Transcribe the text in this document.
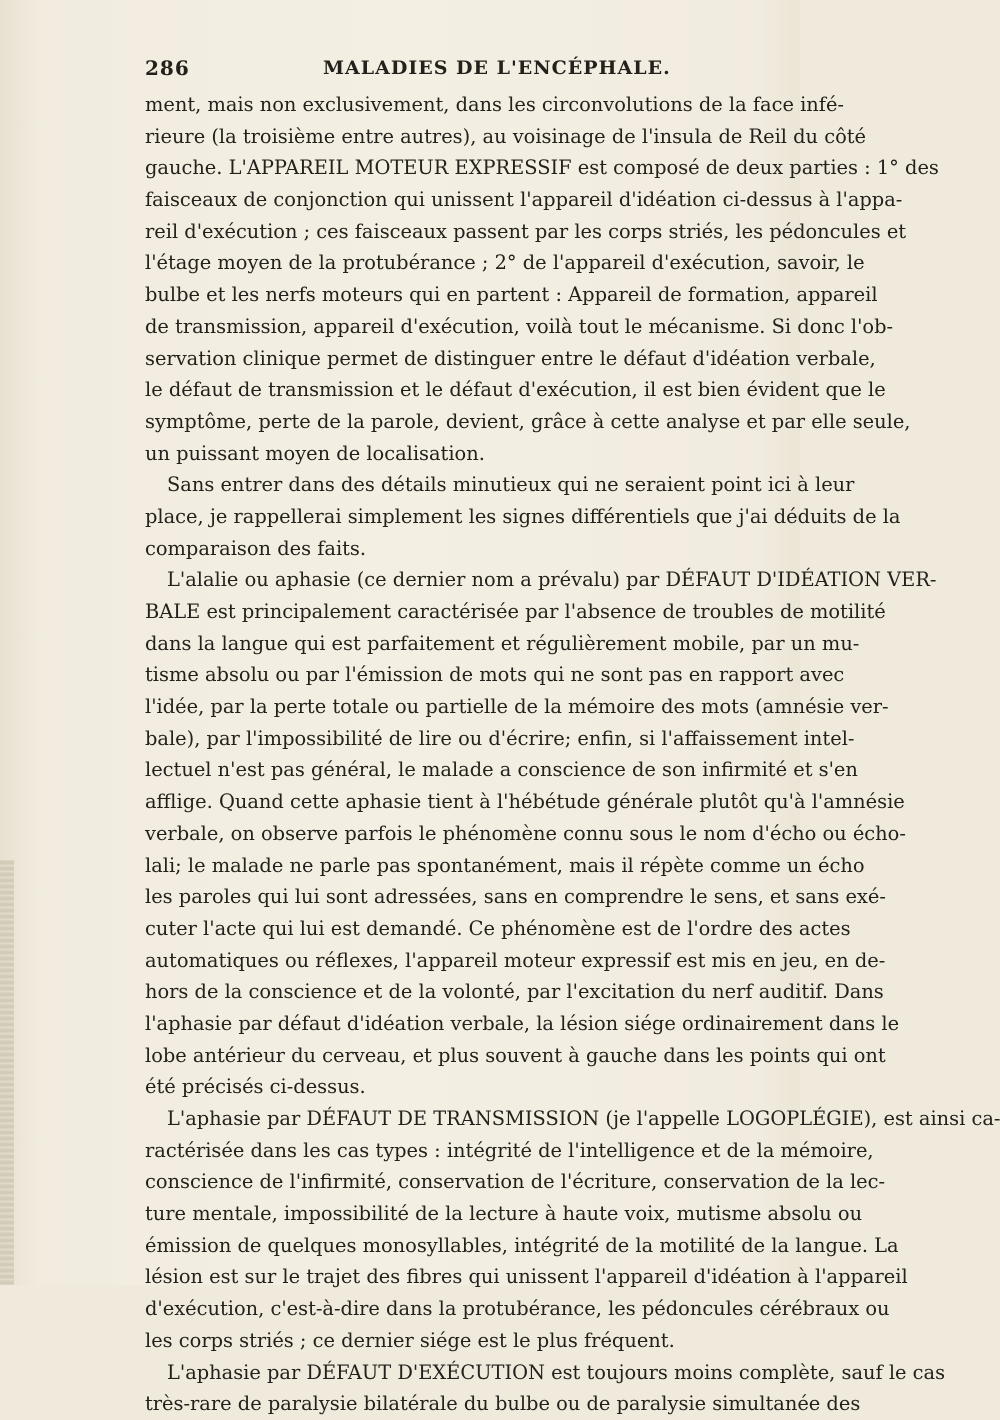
286	MALADIES DE L'ENCÉPHALE.
ment, mais non exclusivement, dans les circonvolutions de la face infé-
rieure (la troisième entre autres), au voisinage de l'insula de Reil du côté
gauche. L'APPAREIL MOTEUR EXPRESSIF est composé de deux parties : 1° des
faisceaux de conjonction qui unissent l'appareil d'idéation ci-dessus à l'appa-
reil d'exécution ; ces faisceaux passent par les corps striés, les pédoncules et
l'étage moyen de la protubérance ; 2° de l'appareil d'exécution, savoir, le
bulbe et les nerfs moteurs qui en partent : Appareil de formation, appareil
de transmission, appareil d'exécution, voilà tout le mécanisme. Si donc l'ob-
servation clinique permet de distinguer entre le défaut d'idéation verbale,
le défaut de transmission et le défaut d'exécution, il est bien évident que le
symptôme, perte de la parole, devient, grâce à cette analyse et par elle seule,
un puissant moyen de localisation.
Sans entrer dans des détails minutieux qui ne seraient point ici à leur
place, je rappellerai simplement les signes différentiels que j'ai déduits de la
comparaison des faits.
L'alalie ou aphasie (ce dernier nom a prévalu) par DÉFAUT D'IDÉATION VER-
BALE est principalement caractérisée par l'absence de troubles de motilité
dans la langue qui est parfaitement et régulièrement mobile, par un mu-
tisme absolu ou par l'émission de mots qui ne sont pas en rapport avec
l'idée, par la perte totale ou partielle de la mémoire des mots (amnésie ver-
bale), par l'impossibilité de lire ou d'écrire; enfin, si l'affaissement intel-
lectuel n'est pas général, le malade a conscience de son infirmité et s'en
afflige. Quand cette aphasie tient à l'hébétude générale plutôt qu'à l'amnésie
verbale, on observe parfois le phénomène connu sous le nom d'écho ou écho-
lali; le malade ne parle pas spontanément, mais il répète comme un écho
les paroles qui lui sont adressées, sans en comprendre le sens, et sans exé-
cuter l'acte qui lui est demandé. Ce phénomène est de l'ordre des actes
automatiques ou réflexes, l'appareil moteur expressif est mis en jeu, en de-
hors de la conscience et de la volonté, par l'excitation du nerf auditif. Dans
l'aphasie par défaut d'idéation verbale, la lésion siége ordinairement dans le
lobe antérieur du cerveau, et plus souvent à gauche dans les points qui ont
été précisés ci-dessus.
L'aphasie par DÉFAUT DE TRANSMISSION (je l'appelle LOGOPLÉGIE), est ainsi ca-
ractérisée dans les cas types : intégrité de l'intelligence et de la mémoire,
conscience de l'infirmité, conservation de l'écriture, conservation de la lec-
ture mentale, impossibilité de la lecture à haute voix, mutisme absolu ou
émission de quelques monosyllables, intégrité de la motilité de la langue. La
lésion est sur le trajet des fibres qui unissent l'appareil d'idéation à l'appareil
d'exécution, c'est-à-dire dans la protubérance, les pédoncules cérébraux ou
les corps striés ; ce dernier siége est le plus fréquent.
L'aphasie par DÉFAUT D'EXÉCUTION est toujours moins complète, sauf le cas
très-rare de paralysie bilatérale du bulbe ou de paralysie simultanée des
